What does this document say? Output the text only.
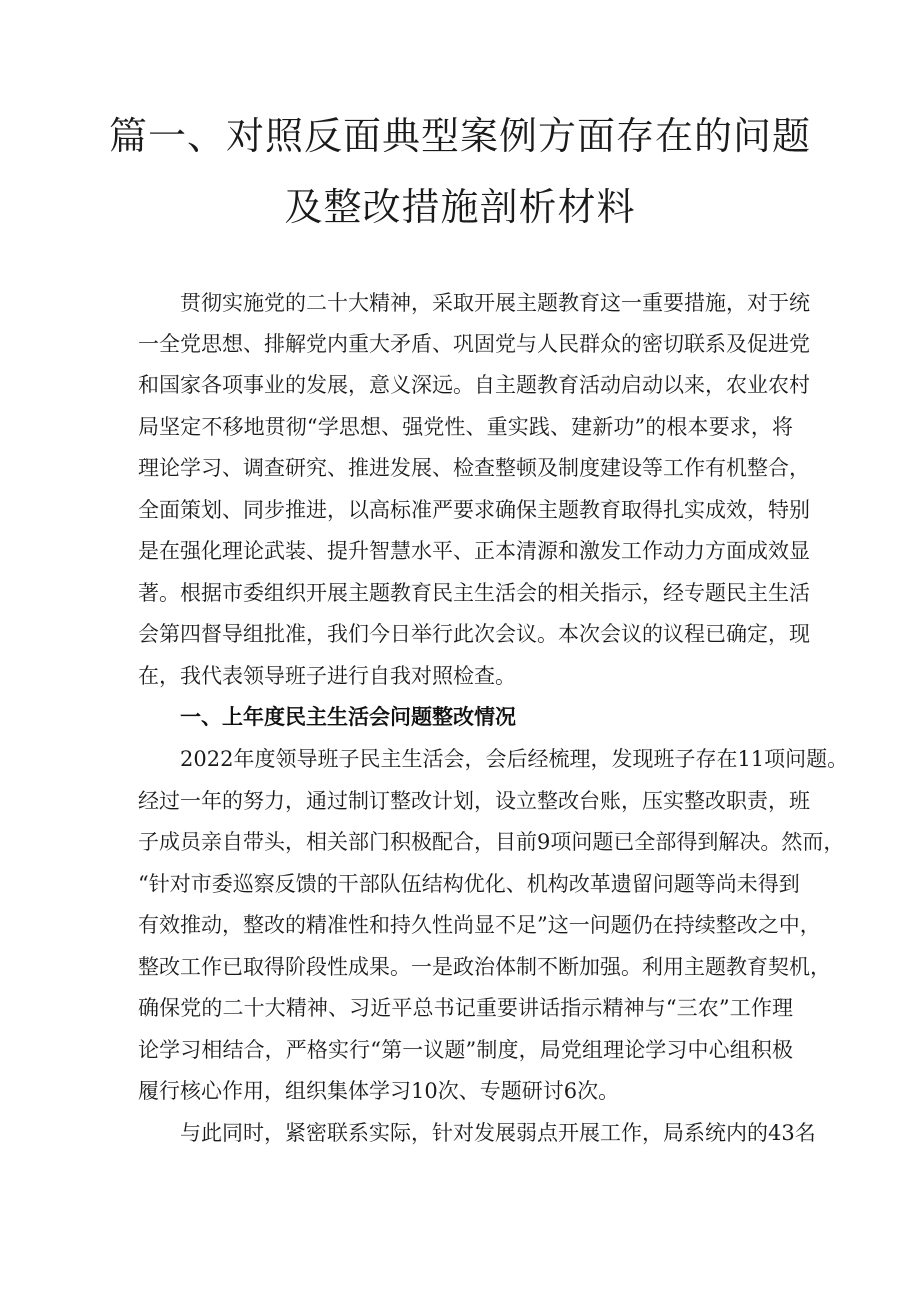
篇一、对照反面典型案例方面存在的问题
及整改措施剖析材料
贯彻实施党的二十大精神，采取开展主题教育这一重要措施，对于统
一全党思想、排解党内重大矛盾、巩固党与人民群众的密切联系及促进党
和国家各项事业的发展，意义深远。自主题教育活动启动以来，农业农村
局坚定不移地贯彻“学思想、强党性、重实践、建新功”的根本要求，将
理论学习、调查研究、推进发展、检查整顿及制度建设等工作有机整合，
全面策划、同步推进，以高标准严要求确保主题教育取得扎实成效，特别
是在强化理论武装、提升智慧水平、正本清源和激发工作动力方面成效显
著。根据市委组织开展主题教育民主生活会的相关指示，经专题民主生活
会第四督导组批准，我们今日举行此次会议。本次会议的议程已确定，现
在，我代表领导班子进行自我对照检查。
一、上年度民主生活会问题整改情况
2022年度领导班子民主生活会，会后经梳理，发现班子存在11项问题。
经过一年的努力，通过制订整改计划，设立整改台账，压实整改职责，班
子成员亲自带头，相关部门积极配合，目前9项问题已全部得到解决。然而，
“针对市委巡察反馈的干部队伍结构优化、机构改革遗留问题等尚未得到
有效推动，整改的精准性和持久性尚显不足”这一问题仍在持续整改之中，
整改工作已取得阶段性成果。一是政治体制不断加强。利用主题教育契机，
确保党的二十大精神、习近平总书记重要讲话指示精神与“三农”工作理
论学习相结合，严格实行“第一议题”制度，局党组理论学习中心组积极
履行核心作用，组织集体学习10次、专题研讨6次。
与此同时，紧密联系实际，针对发展弱点开展工作，局系统内的43名
